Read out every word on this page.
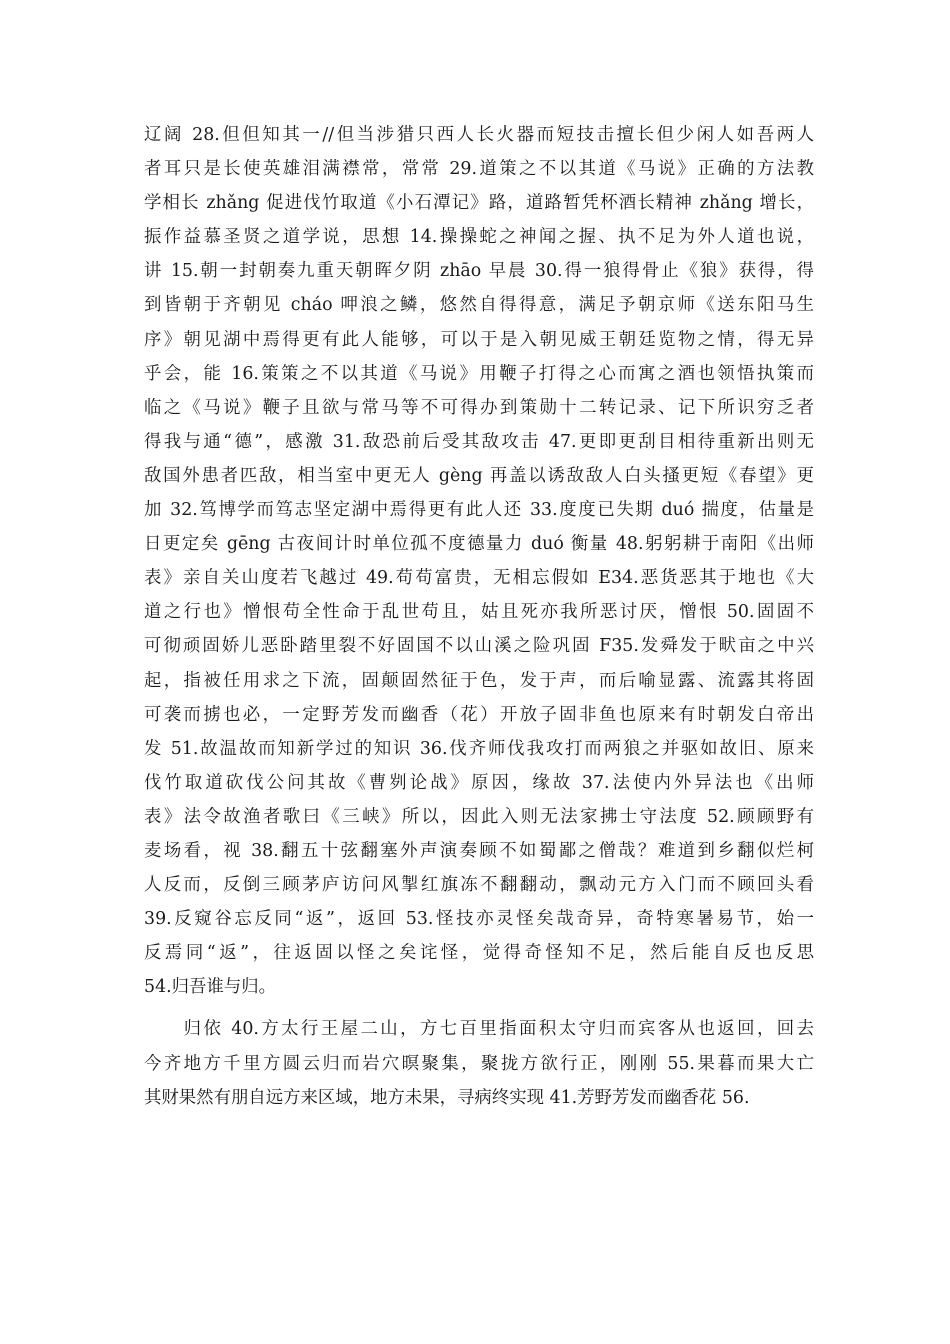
辽阔 28.但但知其一//但当涉猎只西人长火器而短技击擅长但少闲人如吾两人
者耳只是长使英雄泪满襟常，常常 29.道策之不以其道《马说》正确的方法教
学相长 zhǎng 促进伐竹取道《小石潭记》路，道路暂凭杯酒长精神 zhǎng 增长，
振作益慕圣贤之道学说，思想 14.操操蛇之神闻之握、执不足为外人道也说，
讲 15.朝一封朝奏九重天朝晖夕阴 zhāo 早晨 30.得一狼得骨止《狼》获得，得
到皆朝于齐朝见 cháo 呷浪之鳞，悠然自得得意，满足予朝京师《送东阳马生
序》朝见湖中焉得更有此人能够，可以于是入朝见威王朝廷览物之情，得无异
乎会，能 16.策策之不以其道《马说》用鞭子打得之心而寓之酒也领悟执策而
临之《马说》鞭子且欲与常马等不可得办到策勋十二转记录、记下所识穷乏者
得我与通“德”，感激 31.敌恐前后受其敌攻击 47.更即更刮目相待重新出则无
敌国外患者匹敌，相当室中更无人 gèng 再盖以诱敌敌人白头搔更短《春望》更
加 32.笃博学而笃志坚定湖中焉得更有此人还 33.度度已失期 duó 揣度，估量是
日更定矣 gēng 古夜间计时单位孤不度德量力 duó 衡量 48.躬躬耕于南阳《出师
表》亲自关山度若飞越过 49.苟苟富贵，无相忘假如 E34.恶货恶其于地也《大
道之行也》憎恨苟全性命于乱世苟且，姑且死亦我所恶讨厌，憎恨 50.固固不
可彻顽固娇儿恶卧踏里裂不好固国不以山溪之险巩固 F35.发舜发于畎亩之中兴
起，指被任用求之下流，固颠固然征于色，发于声，而后喻显露、流露其将固
可袭而掳也必，一定野芳发而幽香（花）开放子固非鱼也原来有时朝发白帝出
发 51.故温故而知新学过的知识 36.伐齐师伐我攻打而两狼之并驱如故旧、原来
伐竹取道砍伐公问其故《曹刿论战》原因，缘故 37.法使内外异法也《出师
表》法令故渔者歌曰《三峡》所以，因此入则无法家拂士守法度 52.顾顾野有
麦场看，视 38.翻五十弦翻塞外声演奏顾不如蜀鄙之僧哉？难道到乡翻似烂柯
人反而，反倒三顾茅庐访问风掣红旗冻不翻翻动，飘动元方入门而不顾回头看
39.反窥谷忘反同“返”，返回 53.怪技亦灵怪矣哉奇异，奇特寒暑易节，始一
反焉同“返”，往返固以怪之矣诧怪，觉得奇怪知不足，然后能自反也反思
54.归吾谁与归。
　　归依 40.方太行王屋二山，方七百里指面积太守归而宾客从也返回，回去
今齐地方千里方圆云归而岩穴暝聚集，聚拢方欲行正，刚刚 55.果暮而果大亡
其财果然有朋自远方来区域，地方未果，寻病终实现 41.芳野芳发而幽香花 56.
